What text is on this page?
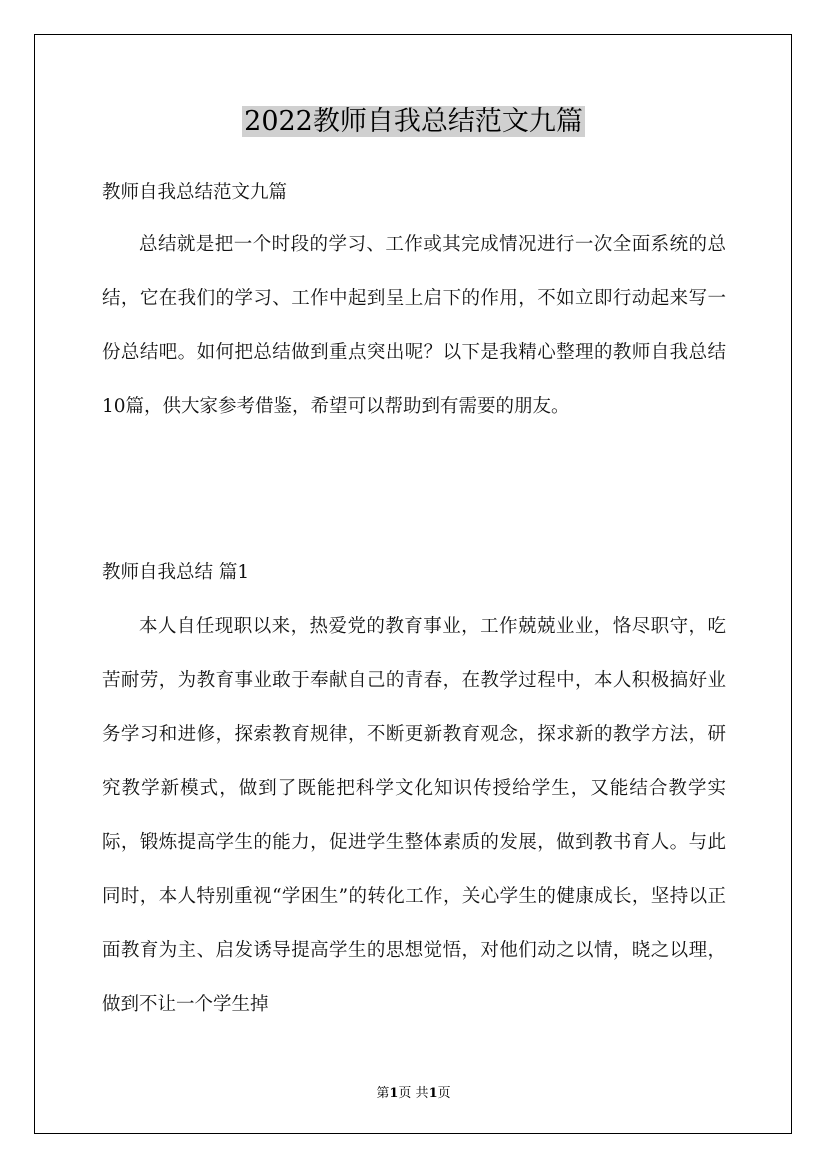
2022教师自我总结范文九篇
教师自我总结范文九篇

总结就是把一个时段的学习、工作或其完成情况进行一次全面系统的总结，它在我们的学习、工作中起到呈上启下的作用，不如立即行动起来写一份总结吧。如何把总结做到重点突出呢？以下是我精心整理的教师自我总结10篇，供大家参考借鉴，希望可以帮助到有需要的朋友。

教师自我总结 篇1

本人自任现职以来，热爱党的教育事业，工作兢兢业业，恪尽职守，吃苦耐劳，为教育事业敢于奉献自己的青春，在教学过程中，本人积极搞好业务学习和进修，探索教育规律，不断更新教育观念，探求新的教学方法，研究教学新模式，做到了既能把科学文化知识传授给学生，又能结合教学实际，锻炼提高学生的能力，促进学生整体素质的发展，做到教书育人。与此同时，本人特别重视“学困生”的转化工作，关心学生的健康成长，坚持以正面教育为主、启发诱导提高学生的思想觉悟，对他们动之以情，晓之以理，做到不让一个学生掉

第1页 共1页
